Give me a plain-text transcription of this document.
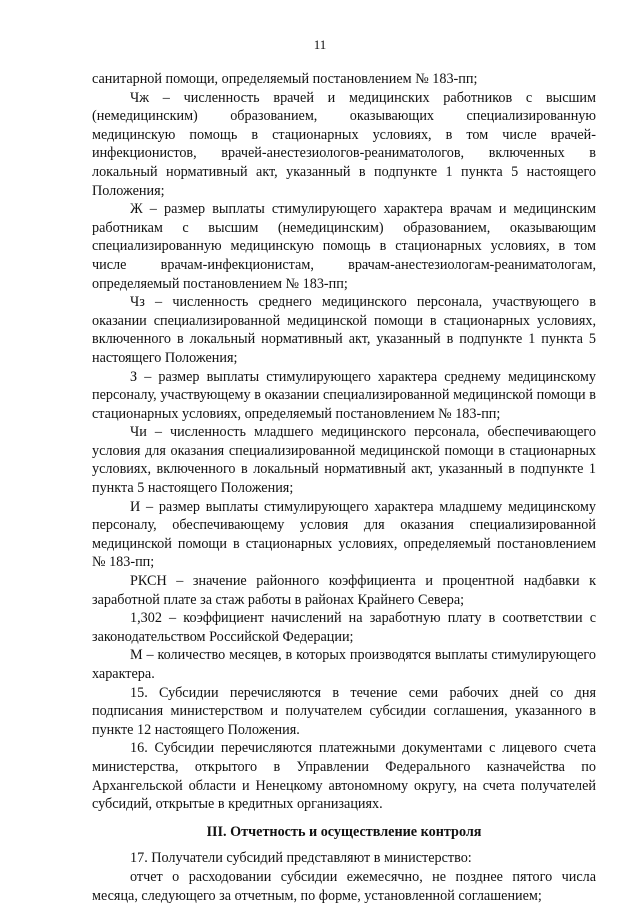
11

санитарной помощи, определяемый постановлением № 183-пп;

Чж – численность врачей и медицинских работников с высшим (немедицинским) образованием, оказывающих специализированную медицинскую помощь в стационарных условиях, в том числе врачей-инфекционистов, врачей-анестезиологов-реаниматологов, включенных в локальный нормативный акт, указанный в подпункте 1 пункта 5 настоящего Положения;

Ж – размер выплаты стимулирующего характера врачам и медицинским работникам с высшим (немедицинским) образованием, оказывающим специализированную медицинскую помощь в стационарных условиях, в том числе врачам-инфекционистам, врачам-анестезиологам-реаниматологам, определяемый постановлением № 183-пп;

Чз – численность среднего медицинского персонала, участвующего в оказании специализированной медицинской помощи в стационарных условиях, включенного в локальный нормативный акт, указанный в подпункте 1 пункта 5 настоящего Положения;

З – размер выплаты стимулирующего характера среднему медицинскому персоналу, участвующему в оказании специализированной медицинской помощи в стационарных условиях, определяемый постановлением № 183-пп;

Чи – численность младшего медицинского персонала, обеспечивающего условия для оказания специализированной медицинской помощи в стационарных условиях, включенного в локальный нормативный акт, указанный в подпункте 1 пункта 5 настоящего Положения;

И – размер выплаты стимулирующего характера младшему медицинскому персоналу, обеспечивающему условия для оказания специализированной медицинской помощи в стационарных условиях, определяемый постановлением № 183-пп;

РКСН – значение районного коэффициента и процентной надбавки к заработной плате за стаж работы в районах Крайнего Севера;

1,302 – коэффициент начислений на заработную плату в соответствии с законодательством Российской Федерации;

М – количество месяцев, в которых производятся выплаты стимулирующего характера.

15. Субсидии перечисляются в течение семи рабочих дней со дня подписания министерством и получателем субсидии соглашения, указанного в пункте 12 настоящего Положения.

16. Субсидии перечисляются платежными документами с лицевого счета министерства, открытого в Управлении Федерального казначейства по Архангельской области и Ненецкому автономному округу, на счета получателей субсидий, открытые в кредитных организациях.

III. Отчетность и осуществление контроля

17. Получатели субсидий представляют в министерство:

отчет о расходовании субсидии ежемесячно, не позднее пятого числа месяца, следующего за отчетным, по форме, установленной соглашением;
